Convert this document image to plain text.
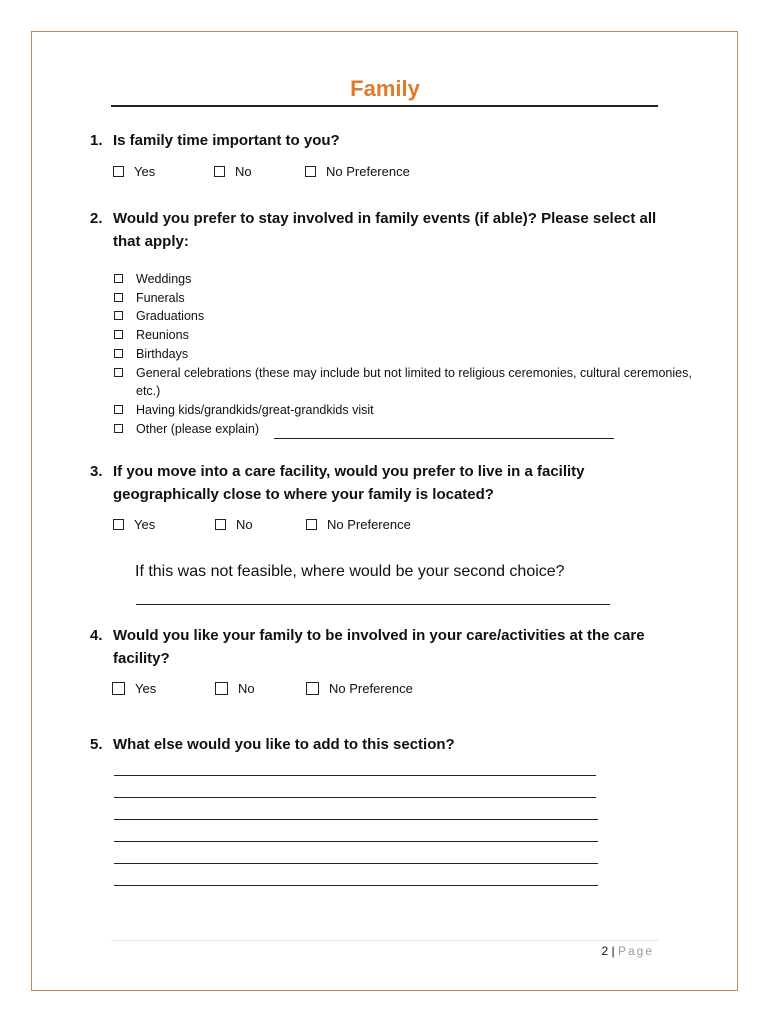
Family
1. Is family time important to you?
Yes	No	No Preference
2. Would you prefer to stay involved in family events (if able)? Please select all that apply:
Weddings
Funerals
Graduations
Reunions
Birthdays
General celebrations (these may include but not limited to religious ceremonies, cultural ceremonies, etc.)
Having kids/grandkids/great-grandkids visit
Other (please explain)
3. If you move into a care facility, would you prefer to live in a facility geographically close to where your family is located?
Yes	No	No Preference
If this was not feasible, where would be your second choice?
4. Would you like your family to be involved in your care/activities at the care facility?
Yes	No	No Preference
5. What else would you like to add to this section?
2 | Page
